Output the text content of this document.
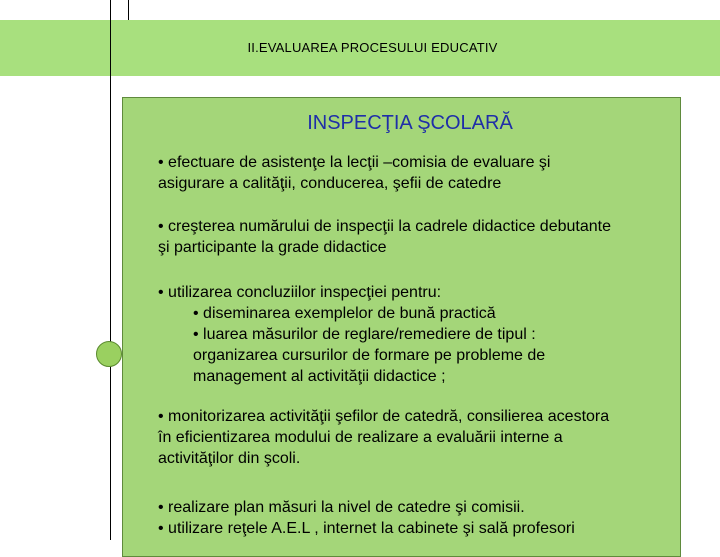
II.EVALUAREA PROCESULUI EDUCATIV
INSPECŢIA ŞCOLARĂ
• efectuare de asistenţe la lecţii –comisia de evaluare şi
asigurare a calităţii, conducerea, şefii de catedre
• creşterea numărului de inspecţii la cadrele didactice debutante
şi participante la grade didactice
• utilizarea concluziilor inspecţiei pentru:
• diseminarea exemplelor de bună practică
• luarea măsurilor de reglare/remediere de tipul :
organizarea cursurilor de formare pe probleme de
management al activităţii didactice ;
• monitorizarea activităţii şefilor de catedră, consilierea acestora
în eficientizarea modului de realizare a evaluării interne a
activităţilor din şcoli.
• realizare plan măsuri la nivel de catedre şi comisii.
• utilizare reţele A.E.L , internet la cabinete şi sală profesori
